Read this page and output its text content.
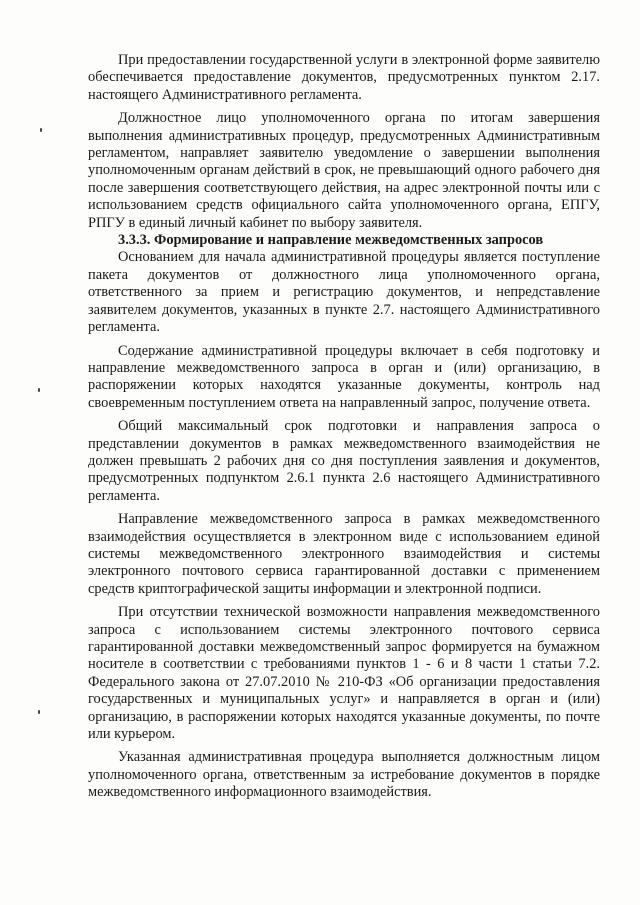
При предоставлении государственной услуги в электронной форме заявителю обеспечивается предоставление документов, предусмотренных пунктом 2.17. настоящего Административного регламента.

Должностное лицо уполномоченного органа по итогам завершения выполнения административных процедур, предусмотренных Административным регламентом, направляет заявителю уведомление о завершении выполнения уполномоченным органам действий в срок, не превышающий одного рабочего дня после завершения соответствующего действия, на адрес электронной почты или с использованием средств официального сайта уполномоченного органа, ЕПГУ, РПГУ в единый личный кабинет по выбору заявителя.

3.3.3. Формирование и направление межведомственных запросов

Основанием для начала административной процедуры является поступление пакета документов от должностного лица уполномоченного органа, ответственного за прием и регистрацию документов, и непредставление заявителем документов, указанных в пункте 2.7. настоящего Административного регламента.

Содержание административной процедуры включает в себя подготовку и направление межведомственного запроса в орган и (или) организацию, в распоряжении которых находятся указанные документы, контроль над своевременным поступлением ответа на направленный запрос, получение ответа.

Общий максимальный срок подготовки и направления запроса о представлении документов в рамках межведомственного взаимодействия не должен превышать 2 рабочих дня со дня поступления заявления и документов, предусмотренных подпунктом 2.6.1 пункта 2.6 настоящего Административного регламента.

Направление межведомственного запроса в рамках межведомственного взаимодействия осуществляется в электронном виде с использованием единой системы межведомственного электронного взаимодействия и системы электронного почтового сервиса гарантированной доставки с применением средств криптографической защиты информации и электронной подписи.

При отсутствии технической возможности направления межведомственного запроса с использованием системы электронного почтового сервиса гарантированной доставки межведомственный запрос формируется на бумажном носителе в соответствии с требованиями пунктов 1 - 6 и 8 части 1 статьи 7.2. Федерального закона от 27.07.2010 № 210-ФЗ «Об организации предоставления государственных и муниципальных услуг» и направляется в орган и (или) организацию, в распоряжении которых находятся указанные документы, по почте или курьером.

Указанная административная процедура выполняется должностным лицом уполномоченного органа, ответственным за истребование документов в порядке межведомственного информационного взаимодействия.
